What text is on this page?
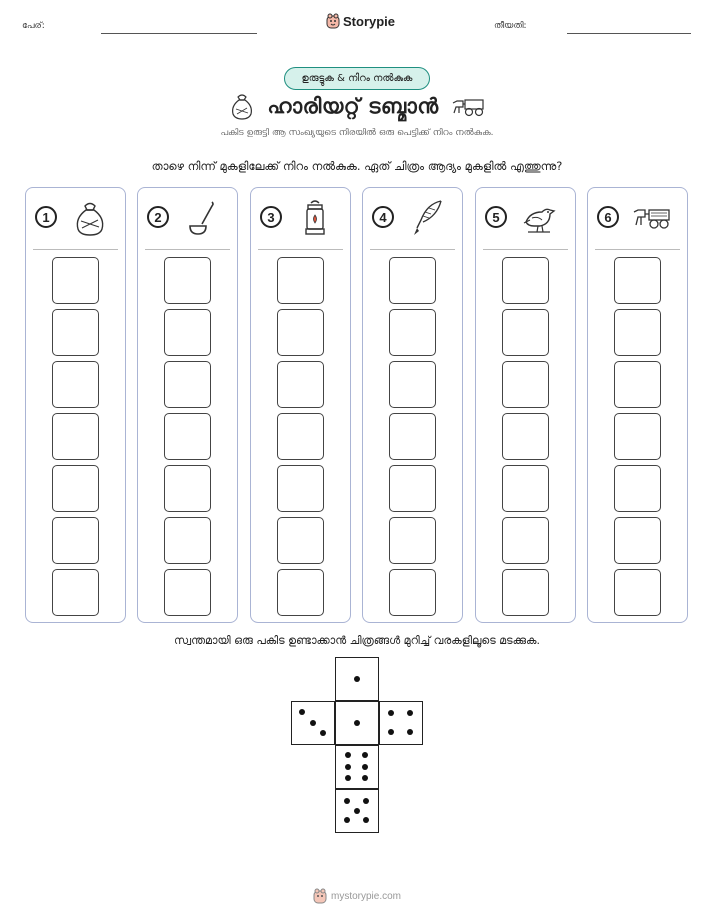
പേര്:	Storypie	തീയതി:
ഉരുട്ടുക & നിറം നൽകുക
ഹാരിയറ്റ് ടബ്മാൻ
പകിട ഉരുട്ടി ആ സംഖ്യയുടെ നിരയിൽ ഒരു പെട്ടിക്ക് നിറം നൽകുക.
താഴെ നിന്ന് മുകളിലേക്ക് നിറം നൽകുക. ഏത് ചിത്രം ആദ്യം മുകളിൽ എത്തുന്നു?
1	2	3	4	5	6
സ്വന്തമായി ഒരു പകിട ഉണ്ടാക്കാൻ ചിത്രങ്ങൾ മുറിച്ച് വരകളിലൂടെ മടക്കുക.
mystorypie.com
